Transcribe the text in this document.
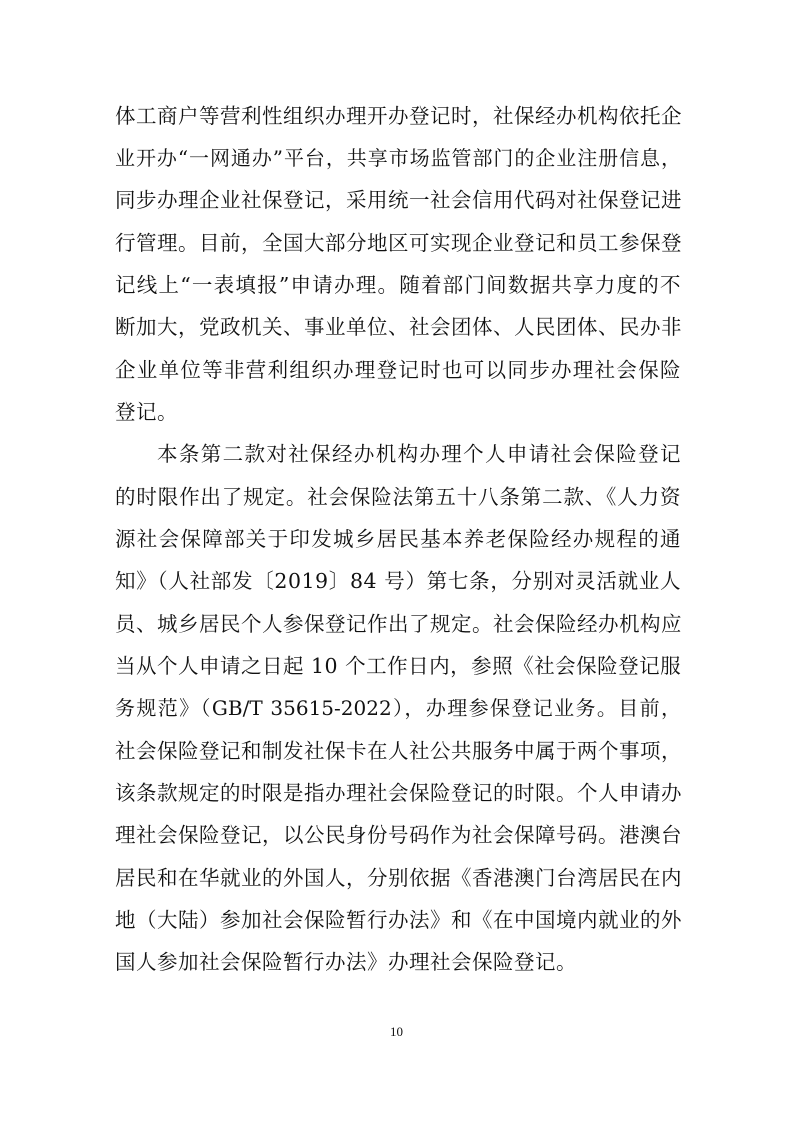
体工商户等营利性组织办理开办登记时，社保经办机构依托企
业开办“一网通办”平台，共享市场监管部门的企业注册信息，
同步办理企业社保登记，采用统一社会信用代码对社保登记进
行管理。目前，全国大部分地区可实现企业登记和员工参保登
记线上“一表填报”申请办理。随着部门间数据共享力度的不
断加大，党政机关、事业单位、社会团体、人民团体、民办非
企业单位等非营利组织办理登记时也可以同步办理社会保险
登记。
本条第二款对社保经办机构办理个人申请社会保险登记
的时限作出了规定。社会保险法第五十八条第二款、《人力资
源社会保障部关于印发城乡居民基本养老保险经办规程的通
知》（人社部发〔2019〕84 号）第七条，分别对灵活就业人
员、城乡居民个人参保登记作出了规定。社会保险经办机构应
当从个人申请之日起 10 个工作日内，参照《社会保险登记服
务规范》（GB/T 35615-2022），办理参保登记业务。目前，
社会保险登记和制发社保卡在人社公共服务中属于两个事项，
该条款规定的时限是指办理社会保险登记的时限。个人申请办
理社会保险登记，以公民身份号码作为社会保障号码。港澳台
居民和在华就业的外国人，分别依据《香港澳门台湾居民在内
地（大陆）参加社会保险暂行办法》和《在中国境内就业的外
国人参加社会保险暂行办法》办理社会保险登记。
10
